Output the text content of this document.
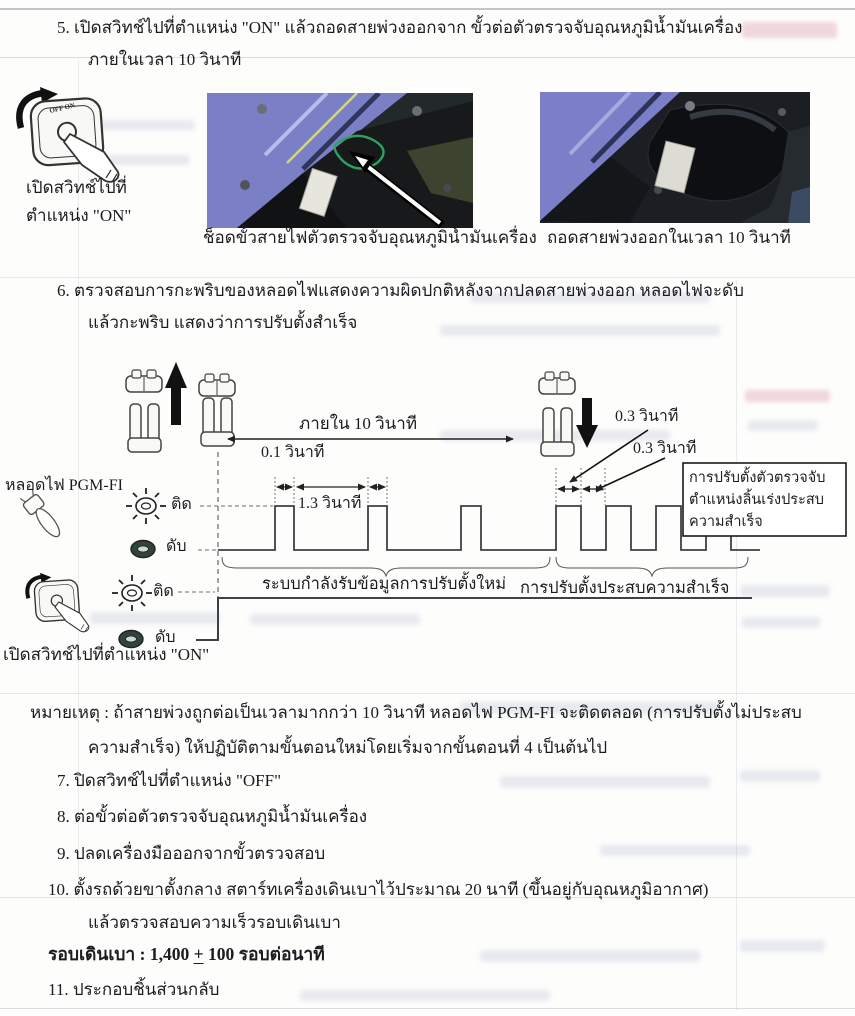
5. เปิดสวิทช์ไปที่ตำแหน่ง "ON" แล้วถอดสายพ่วงออกจาก ขั้วต่อตัวตรวจจับอุณหภูมิน้ำมันเครื่อง
ภายในเวลา 10 วินาที
OFF ON
เปิดสวิทช์ไปที่
ตำแหน่ง "ON"
ช็อดขั้วสายไฟตัวตรวจจับอุณหภูมิน้ำมันเครื่อง ถอดสายพ่วงออกในเวลา 10 วินาที
6. ตรวจสอบการกะพริบของหลอดไฟแสดงความผิดปกติหลังจากปลดสายพ่วงออก หลอดไฟจะดับ
แล้วกะพริบ แสดงว่าการปรับตั้งสำเร็จ
หลอดไฟ PGM-FI
ติด
ดับ
ภายใน 10 วินาที
0.1 วินาที
1.3 วินาที
0.3 วินาที
0.3 วินาที
การปรับตั้งตัวตรวจจับ
ตำแหน่งลิ้นเร่งประสบ
ความสำเร็จ
ระบบกำลังรับข้อมูลการปรับตั้งใหม่ การปรับตั้งประสบความสำเร็จ
ติด
ดับ
เปิดสวิทช์ไปที่ตำแหน่ง "ON"
หมายเหตุ : ถ้าสายพ่วงถูกต่อเป็นเวลามากกว่า 10 วินาที หลอดไฟ PGM-FI จะติดตลอด (การปรับตั้งไม่ประสบ
ความสำเร็จ) ให้ปฏิบัติตามขั้นตอนใหม่โดยเริ่มจากขั้นตอนที่ 4 เป็นต้นไป
7. ปิดสวิทช์ไปที่ตำแหน่ง "OFF"
8. ต่อขั้วต่อตัวตรวจจับอุณหภูมิน้ำมันเครื่อง
9. ปลดเครื่องมือออกจากขั้วตรวจสอบ
10. ตั้งรถด้วยขาตั้งกลาง สตาร์ทเครื่องเดินเบาไว้ประมาณ 20 นาที (ขึ้นอยู่กับอุณหภูมิอากาศ)
แล้วตรวจสอบความเร็วรอบเดินเบา
รอบเดินเบา : 1,400 + 100 รอบต่อนาที
11. ประกอบชิ้นส่วนกลับ
